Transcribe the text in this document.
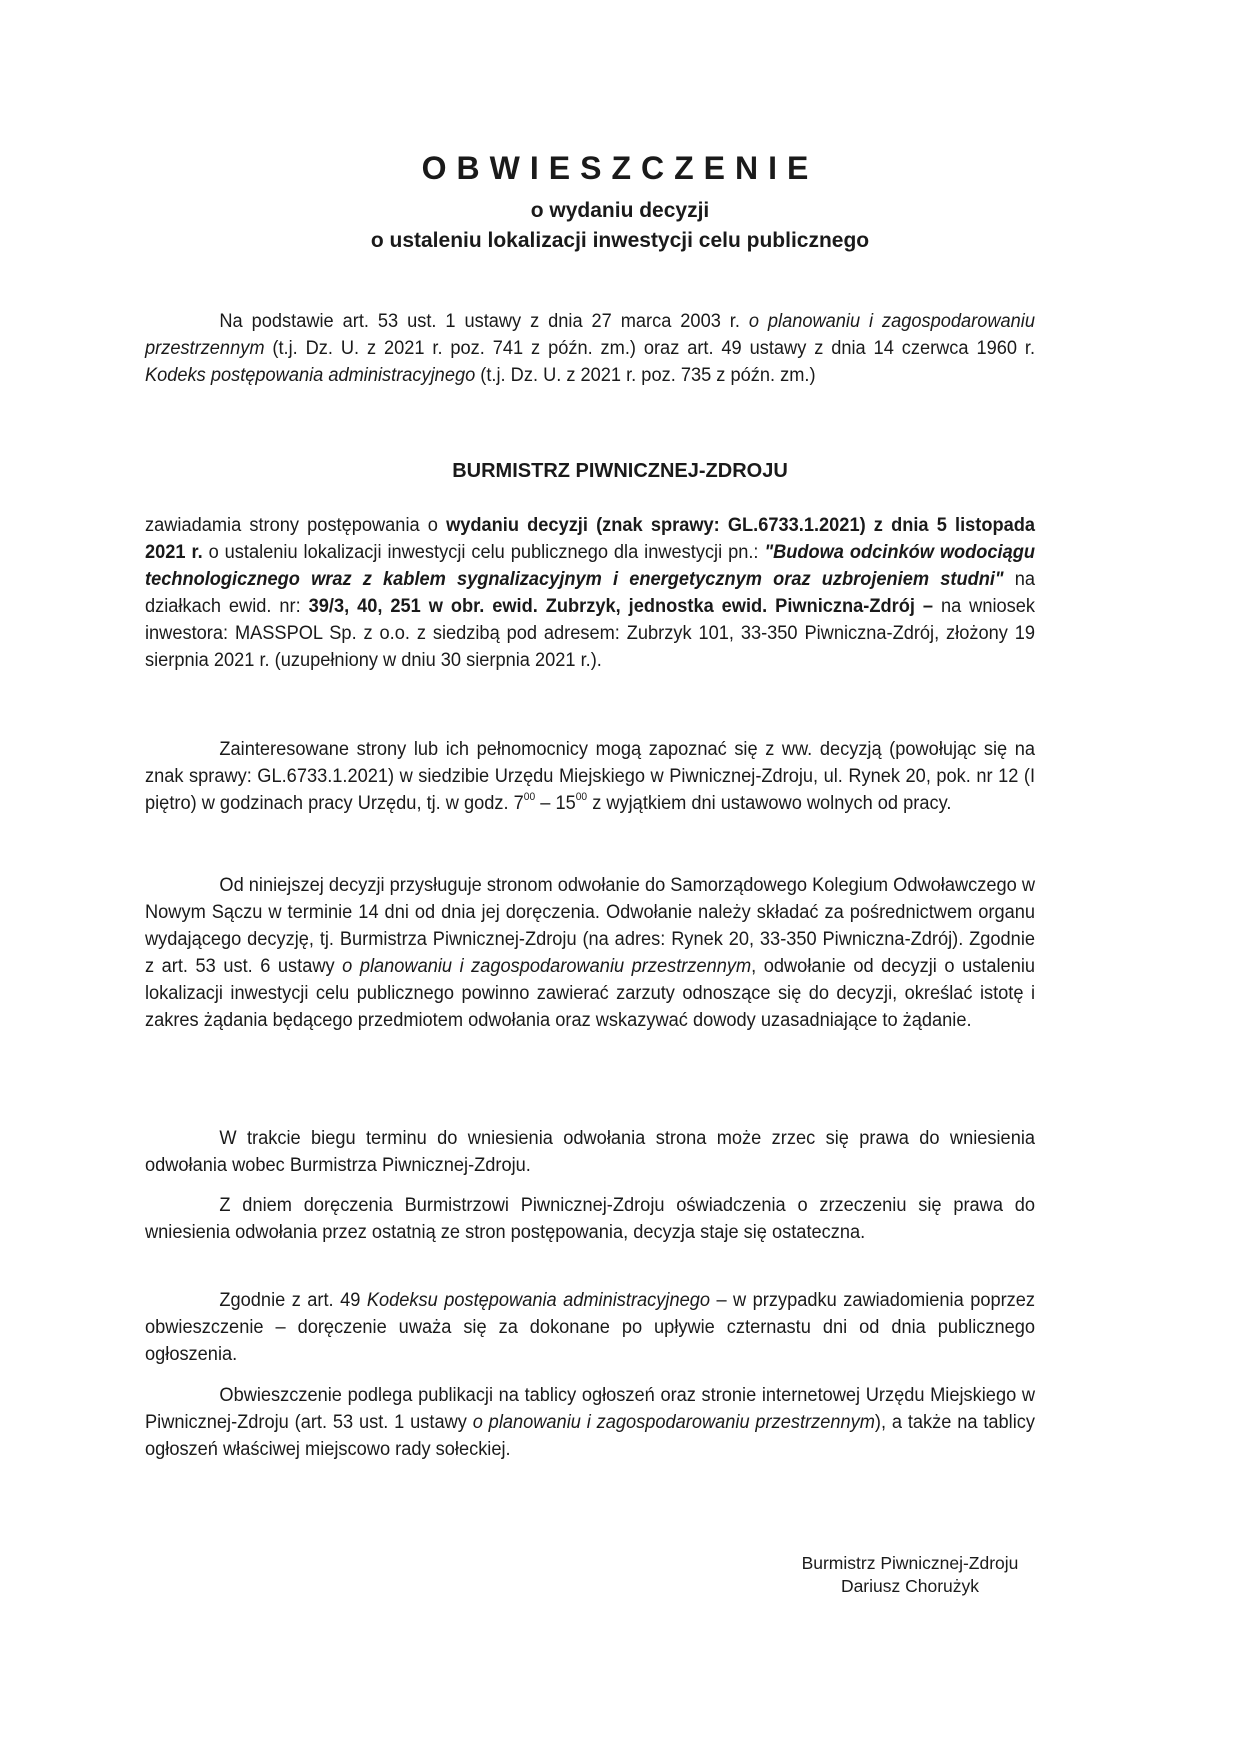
OBWIESZCZENIE
o wydaniu decyzji
o ustaleniu lokalizacji inwestycji celu publicznego

Na podstawie art. 53 ust. 1 ustawy z dnia 27 marca 2003 r. o planowaniu i zagospodarowaniu przestrzennym (t.j. Dz. U. z 2021 r. poz. 741 z późn. zm.) oraz art. 49 ustawy z dnia 14 czerwca 1960 r. Kodeks postępowania administracyjnego (t.j. Dz. U. z 2021 r. poz. 735 z późn. zm.)

BURMISTRZ PIWNICZNEJ-ZDROJU

zawiadamia strony postępowania o wydaniu decyzji (znak sprawy: GL.6733.1.2021) z dnia 5 listopada 2021 r. o ustaleniu lokalizacji inwestycji celu publicznego dla inwestycji pn.: "Budowa odcinków wodociągu technologicznego wraz z kablem sygnalizacyjnym i energetycznym oraz uzbrojeniem studni" na działkach ewid. nr: 39/3, 40, 251 w obr. ewid. Zubrzyk, jednostka ewid. Piwniczna-Zdrój – na wniosek inwestora: MASSPOL Sp. z o.o. z siedzibą pod adresem: Zubrzyk 101, 33-350 Piwniczna-Zdrój, złożony 19 sierpnia 2021 r. (uzupełniony w dniu 30 sierpnia 2021 r.).

Zainteresowane strony lub ich pełnomocnicy mogą zapoznać się z ww. decyzją (powołując się na znak sprawy: GL.6733.1.2021) w siedzibie Urzędu Miejskiego w Piwnicznej-Zdroju, ul. Rynek 20, pok. nr 12 (I piętro) w godzinach pracy Urzędu, tj. w godz. $7^{00} - 15^{00}$ z wyjątkiem dni ustawowo wolnych od pracy.

Od niniejszej decyzji przysługuje stronom odwołanie do Samorządowego Kolegium Odwoławczego w Nowym Sączu w terminie 14 dni od dnia jej doręczenia. Odwołanie należy składać za pośrednictwem organu wydającego decyzję, tj. Burmistrza Piwnicznej-Zdroju (na adres: Rynek 20, 33-350 Piwniczna-Zdrój). Zgodnie z art. 53 ust. 6 ustawy o planowaniu i zagospodarowaniu przestrzennym, odwołanie od decyzji o ustaleniu lokalizacji inwestycji celu publicznego powinno zawierać zarzuty odnoszące się do decyzji, określać istotę i zakres żądania będącego przedmiotem odwołania oraz wskazywać dowody uzasadniające to żądanie.

W trakcie biegu terminu do wniesienia odwołania strona może zrzec się prawa do wniesienia odwołania wobec Burmistrza Piwnicznej-Zdroju.

Z dniem doręczenia Burmistrzowi Piwnicznej-Zdroju oświadczenia o zrzeczeniu się prawa do wniesienia odwołania przez ostatnią ze stron postępowania, decyzja staje się ostateczna.

Zgodnie z art. 49 Kodeksu postępowania administracyjnego – w przypadku zawiadomienia poprzez obwieszczenie – doręczenie uważa się za dokonane po upływie czternastu dni od dnia publicznego ogłoszenia.

Obwieszczenie podlega publikacji na tablicy ogłoszeń oraz stronie internetowej Urzędu Miejskiego w Piwnicznej-Zdroju (art. 53 ust. 1 ustawy o planowaniu i zagospodarowaniu przestrzennym), a także na tablicy ogłoszeń właściwej miejscowo rady sołeckiej.

Burmistrz Piwnicznej-Zdroju
Dariusz Chorużyk
